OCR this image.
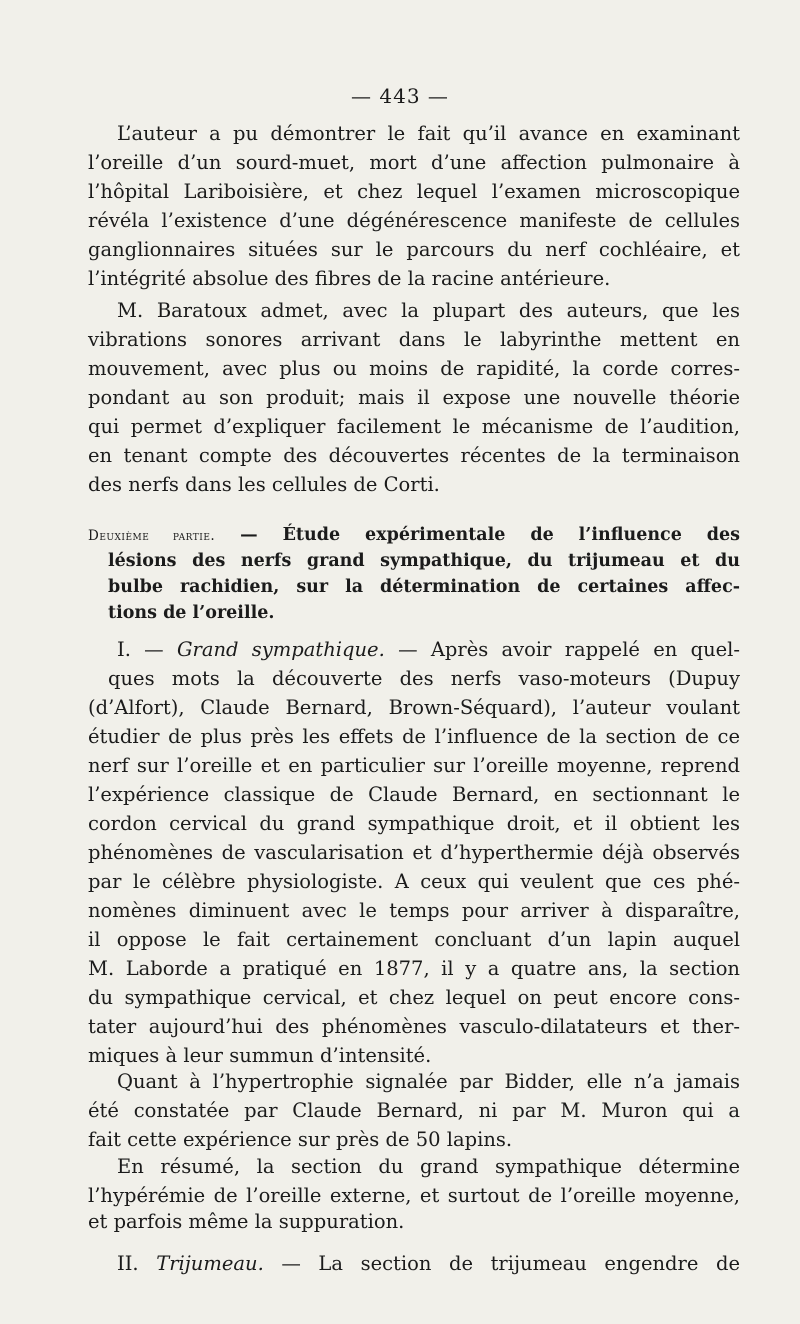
— 443 —
L’auteur a pu démontrer le fait qu’il avance en examinant
l’oreille d’un sourd-muet, mort d’une affection pulmonaire à
l’hôpital Lariboisière, et chez lequel l’examen microscopique
révéla l’existence d’une dégénérescence manifeste de cellules
ganglionnaires situées sur le parcours du nerf cochléaire, et
l’intégrité absolue des fibres de la racine antérieure.
M. Baratoux admet, avec la plupart des auteurs, que les
vibrations sonores arrivant dans le labyrinthe mettent en
mouvement, avec plus ou moins de rapidité, la corde corres-
pondant au son produit; mais il expose une nouvelle théorie
qui permet d’expliquer facilement le mécanisme de l’audition,
en tenant compte des découvertes récentes de la terminaison
des nerfs dans les cellules de Corti.
Deuxième partie. — Étude expérimentale de l’influence des
lésions des nerfs grand sympathique, du trijumeau et du
bulbe rachidien, sur la détermination de certaines affec-
tions de l’oreille.
I. — Grand sympathique. — Après avoir rappelé en quel-
ques mots la découverte des nerfs vaso-moteurs (Dupuy
(d’Alfort), Claude Bernard, Brown-Séquard), l’auteur voulant
étudier de plus près les effets de l’influence de la section de ce
nerf sur l’oreille et en particulier sur l’oreille moyenne, reprend
l’expérience classique de Claude Bernard, en sectionnant le
cordon cervical du grand sympathique droit, et il obtient les
phénomènes de vascularisation et d’hyperthermie déjà observés
par le célèbre physiologiste. A ceux qui veulent que ces phé-
nomènes diminuent avec le temps pour arriver à disparaître,
il oppose le fait certainement concluant d’un lapin auquel
M. Laborde a pratiqué en 1877, il y a quatre ans, la section
du sympathique cervical, et chez lequel on peut encore cons-
tater aujourd’hui des phénomènes vasculo-dilatateurs et ther-
miques à leur summun d’intensité.
Quant à l’hypertrophie signalée par Bidder, elle n’a jamais
été constatée par Claude Bernard, ni par M. Muron qui a
fait cette expérience sur près de 50 lapins.
En résumé, la section du grand sympathique détermine
l’hypérémie de l’oreille externe, et surtout de l’oreille moyenne,
et parfois même la suppuration.
II. Trijumeau. — La section de trijumeau engendre de
